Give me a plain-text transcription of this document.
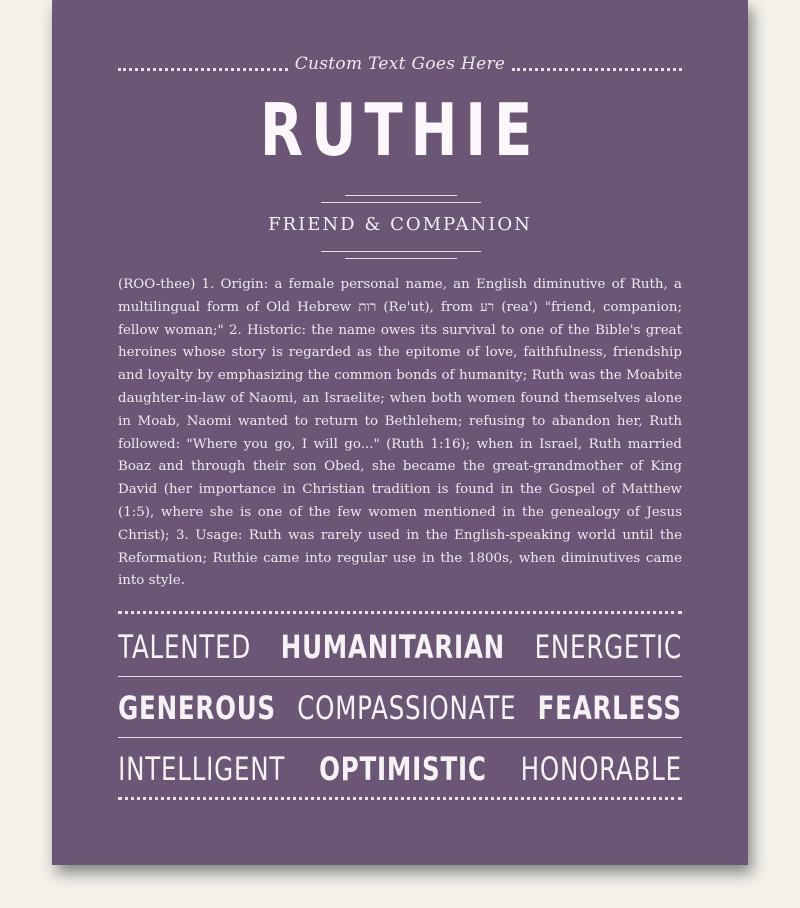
Custom Text Goes Here
RUTHIE
FRIEND & COMPANION
(ROO-thee) 1. Origin: a female personal name, an English diminutive of Ruth, a multilingual form of Old Hebrew רות (Re'ut), from רע (rea') "friend, companion; fellow woman;" 2. Historic: the name owes its survival to one of the Bible's great heroines whose story is regarded as the epitome of love, faithfulness, friendship and loyalty by emphasizing the common bonds of humanity; Ruth was the Moabite daughter-in-law of Naomi, an Israelite; when both women found themselves alone in Moab, Naomi wanted to return to Bethlehem; refusing to abandon her, Ruth followed: "Where you go, I will go..." (Ruth 1:16); when in Israel, Ruth married Boaz and through their son Obed, she became the great-grandmother of King David (her importance in Christian tradition is found in the Gospel of Matthew (1:5), where she is one of the few women mentioned in the genealogy of Jesus Christ); 3. Usage: Ruth was rarely used in the English-speaking world until the Reformation; Ruthie came into regular use in the 1800s, when diminutives came into style.
TALENTED HUMANITARIAN ENERGETIC
GENEROUS COMPASSIONATE FEARLESS
INTELLIGENT OPTIMISTIC HONORABLE
